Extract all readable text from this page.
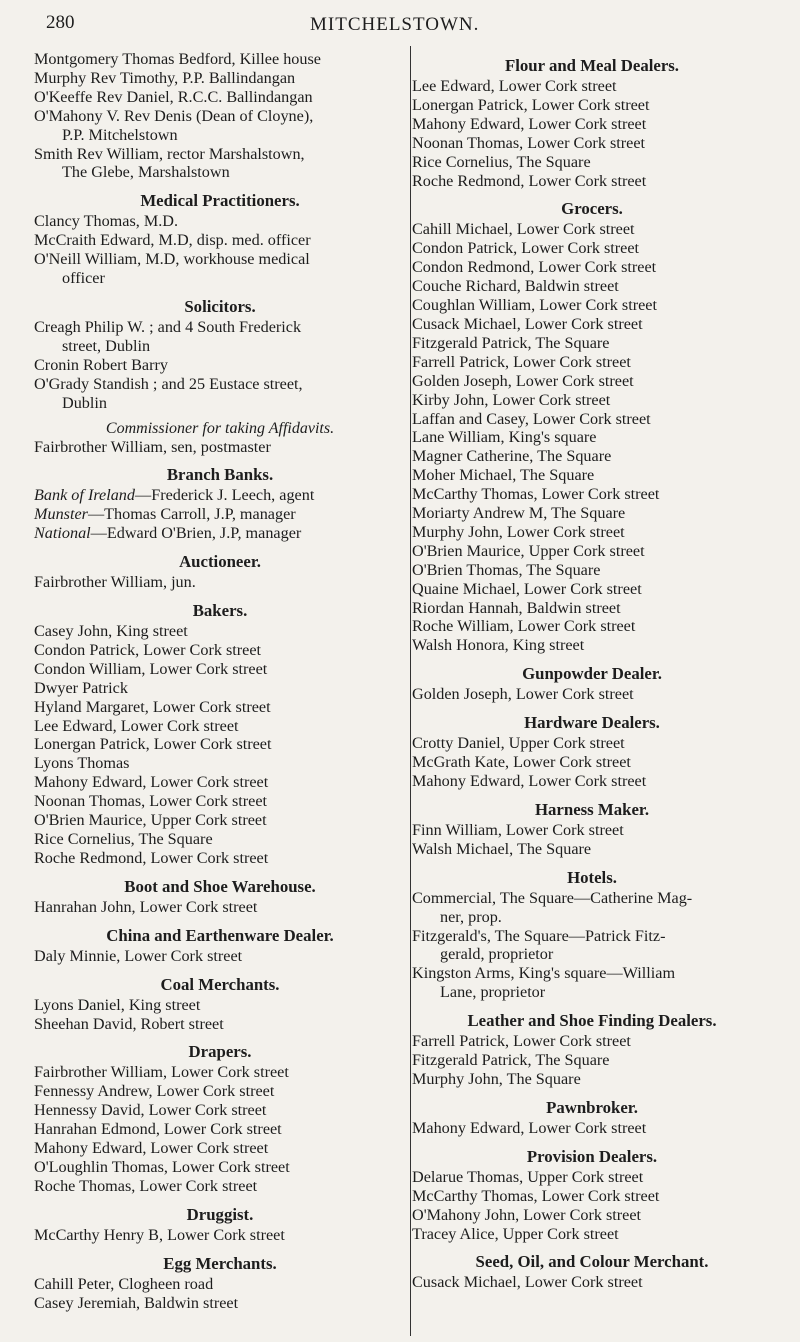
280	MITCHELSTOWN.
Montgomery Thomas Bedford, Killee house
Murphy Rev Timothy, P.P. Ballindangan
O'Keeffe Rev Daniel, R.C.C. Ballindangan
O'Mahony V. Rev Denis (Dean of Cloyne),
P.P. Mitchelstown
Smith Rev William, rector Marshalstown,
The Glebe, Marshalstown
Medical Practitioners.
Clancy Thomas, M.D.
McCraith Edward, M.D, disp. med. officer
O'Neill William, M.D, workhouse medical
officer
Solicitors.
Creagh Philip W. ; and 4 South Frederick
street, Dublin
Cronin Robert Barry
O'Grady Standish ; and 25 Eustace street,
Dublin
Commissioner for taking Affidavits.
Fairbrother William, sen, postmaster
Branch Banks.
Bank of Ireland—Frederick J. Leech, agent
Munster—Thomas Carroll, J.P, manager
National—Edward O'Brien, J.P, manager
Auctioneer.
Fairbrother William, jun.
Bakers.
Casey John, King street
Condon Patrick, Lower Cork street
Condon William, Lower Cork street
Dwyer Patrick
Hyland Margaret, Lower Cork street
Lee Edward, Lower Cork street
Lonergan Patrick, Lower Cork street
Lyons Thomas
Mahony Edward, Lower Cork street
Noonan Thomas, Lower Cork street
O'Brien Maurice, Upper Cork street
Rice Cornelius, The Square
Roche Redmond, Lower Cork street
Boot and Shoe Warehouse.
Hanrahan John, Lower Cork street
China and Earthenware Dealer.
Daly Minnie, Lower Cork street
Coal Merchants.
Lyons Daniel, King street
Sheehan David, Robert street
Drapers.
Fairbrother William, Lower Cork street
Fennessy Andrew, Lower Cork street
Hennessy David, Lower Cork street
Hanrahan Edmond, Lower Cork street
Mahony Edward, Lower Cork street
O'Loughlin Thomas, Lower Cork street
Roche Thomas, Lower Cork street
Druggist.
McCarthy Henry B, Lower Cork street
Egg Merchants.
Cahill Peter, Clogheen road
Casey Jeremiah, Baldwin street
Flour and Meal Dealers.
Lee Edward, Lower Cork street
Lonergan Patrick, Lower Cork street
Mahony Edward, Lower Cork street
Noonan Thomas, Lower Cork street
Rice Cornelius, The Square
Roche Redmond, Lower Cork street
Grocers.
Cahill Michael, Lower Cork street
Condon Patrick, Lower Cork street
Condon Redmond, Lower Cork street
Couche Richard, Baldwin street
Coughlan William, Lower Cork street
Cusack Michael, Lower Cork street
Fitzgerald Patrick, The Square
Farrell Patrick, Lower Cork street
Golden Joseph, Lower Cork street
Kirby John, Lower Cork street
Laffan and Casey, Lower Cork street
Lane William, King's square
Magner Catherine, The Square
Moher Michael, The Square
McCarthy Thomas, Lower Cork street
Moriarty Andrew M, The Square
Murphy John, Lower Cork street
O'Brien Maurice, Upper Cork street
O'Brien Thomas, The Square
Quaine Michael, Lower Cork street
Riordan Hannah, Baldwin street
Roche William, Lower Cork street
Walsh Honora, King street
Gunpowder Dealer.
Golden Joseph, Lower Cork street
Hardware Dealers.
Crotty Daniel, Upper Cork street
McGrath Kate, Lower Cork street
Mahony Edward, Lower Cork street
Harness Maker.
Finn William, Lower Cork street
Walsh Michael, The Square
Hotels.
Commercial, The Square—Catherine Mag-
ner, prop.
Fitzgerald's, The Square—Patrick Fitz-
gerald, proprietor
Kingston Arms, King's square—William
Lane, proprietor
Leather and Shoe Finding Dealers.
Farrell Patrick, Lower Cork street
Fitzgerald Patrick, The Square
Murphy John, The Square
Pawnbroker.
Mahony Edward, Lower Cork street
Provision Dealers.
Delarue Thomas, Upper Cork street
McCarthy Thomas, Lower Cork street
O'Mahony John, Lower Cork street
Tracey Alice, Upper Cork street
Seed, Oil, and Colour Merchant.
Cusack Michael, Lower Cork street
